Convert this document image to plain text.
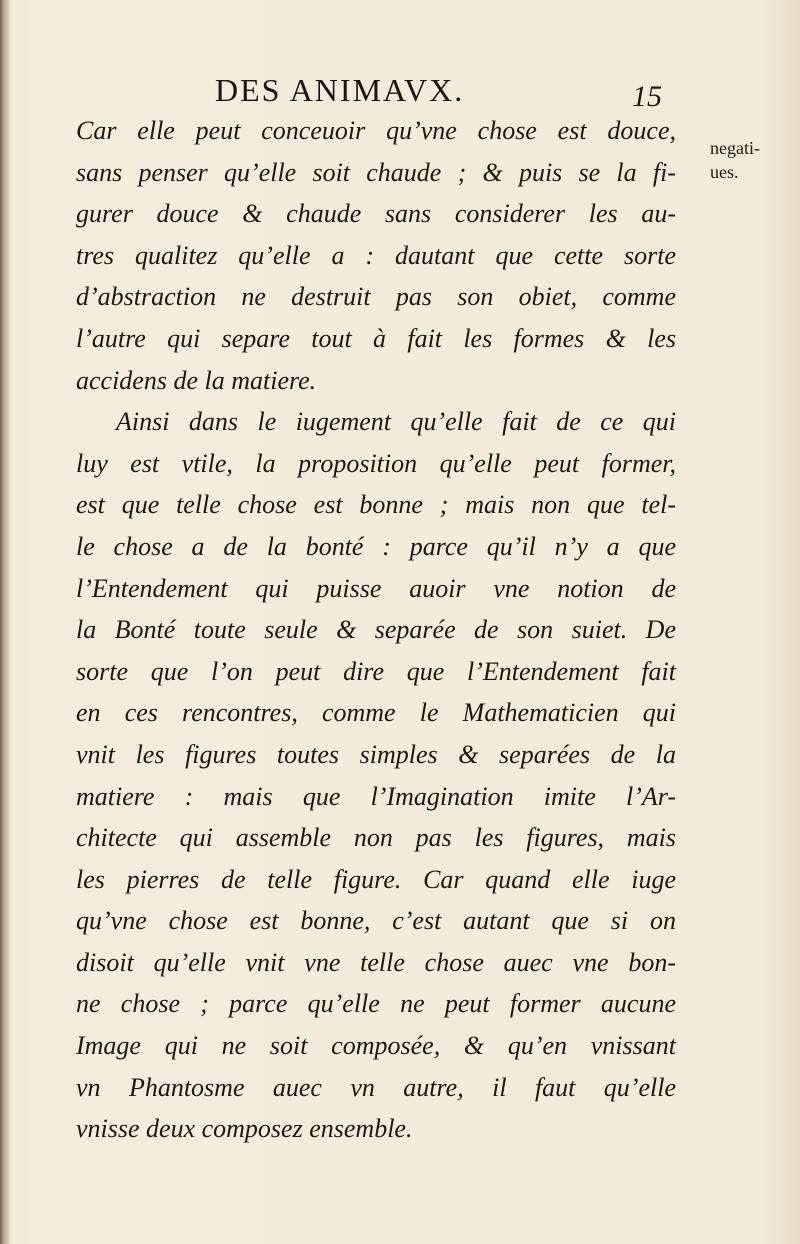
DES ANIMAVX.	15
negati-
ues.
Car elle peut conceuoir qu’vne chose est douce,
sans penser qu’elle soit chaude ; & puis se la fi-
gurer douce & chaude sans considerer les au-
tres qualitez qu’elle a : dautant que cette sorte
d’abstraction ne destruit pas son obiet, comme
l’autre qui separe tout à fait les formes & les
accidens de la matiere.
Ainsi dans le iugement qu’elle fait de ce qui
luy est vtile, la proposition qu’elle peut former,
est que telle chose est bonne ; mais non que tel-
le chose a de la bonté : parce qu’il n’y a que
l’Entendement qui puisse auoir vne notion de
la Bonté toute seule & separée de son suiet. De
sorte que l’on peut dire que l’Entendement fait
en ces rencontres, comme le Mathematicien qui
vnit les figures toutes simples & separées de la
matiere : mais que l’Imagination imite l’Ar-
chitecte qui assemble non pas les figures, mais
les pierres de telle figure. Car quand elle iuge
qu’vne chose est bonne, c’est autant que si on
disoit qu’elle vnit vne telle chose auec vne bon-
ne chose ; parce qu’elle ne peut former aucune
Image qui ne soit composée, & qu’en vnissant
vn Phantosme auec vn autre, il faut qu’elle
vnisse deux composez ensemble.
